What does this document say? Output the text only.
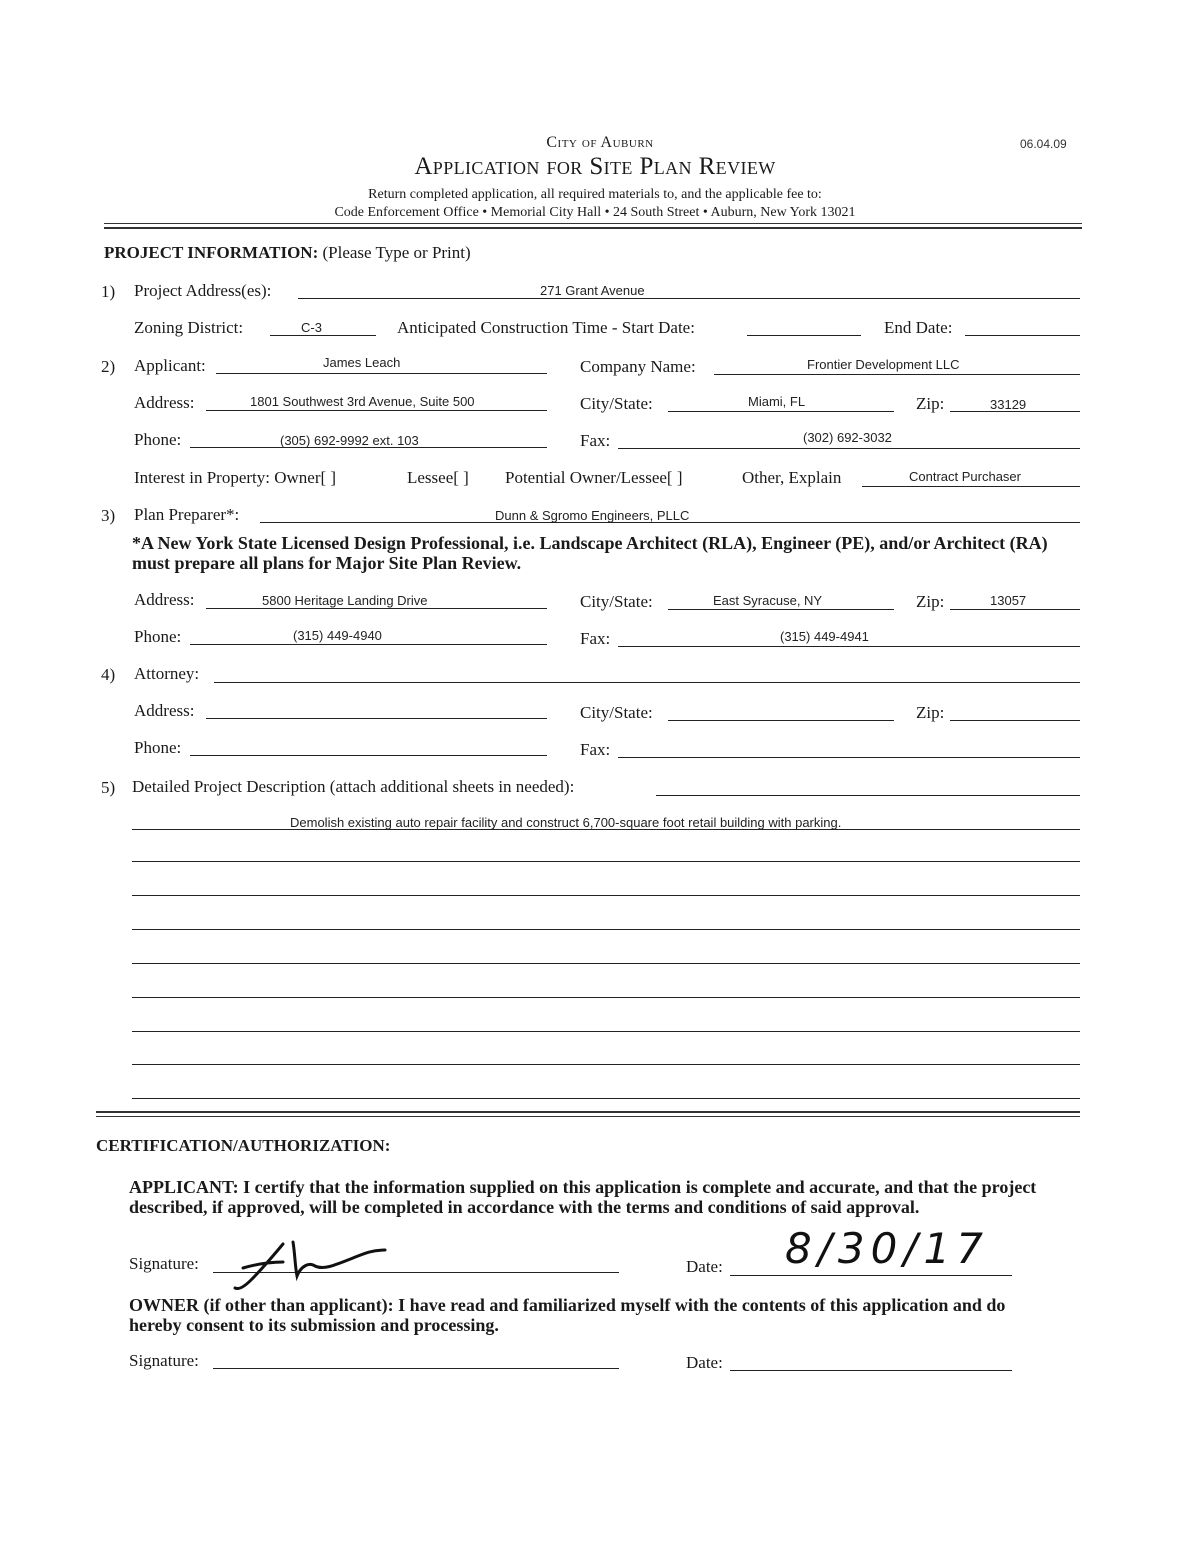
City of Auburn	06.04.09
Application for Site Plan Review
Return completed application, all required materials to, and the applicable fee to:
Code Enforcement Office • Memorial City Hall • 24 South Street • Auburn, New York 13021
PROJECT INFORMATION: (Please Type or Print)
1) Project Address(es):	271 Grant Avenue
Zoning District:	C-3	Anticipated Construction Time - Start Date:	End Date:
2) Applicant:	James Leach	Company Name:	Frontier Development LLC
Address:	1801 Southwest 3rd Avenue, Suite 500	City/State:	Miami, FL	Zip:	33129
Phone:	(305) 692-9992 ext. 103	Fax:	(302) 692-3032
Interest in Property: Owner[ ]	Lessee[ ] Potential Owner/Lessee[ ]	Other, Explain	Contract Purchaser
3) Plan Preparer*:	Dunn & Sgromo Engineers, PLLC
*A New York State Licensed Design Professional, i.e. Landscape Architect (RLA), Engineer (PE), and/or Architect (RA) must prepare all plans for Major Site Plan Review.
Address:	5800 Heritage Landing Drive	City/State:	East Syracuse, NY	Zip:	13057
Phone:	(315) 449-4940	Fax:	(315) 449-4941
4) Attorney:
Address:	City/State:	Zip:
Phone:	Fax:
5) Detailed Project Description (attach additional sheets in needed):
Demolish existing auto repair facility and construct 6,700-square foot retail building with parking.
CERTIFICATION/AUTHORIZATION:
APPLICANT: I certify that the information supplied on this application is complete and accurate, and that the project described, if approved, will be completed in accordance with the terms and conditions of said approval.
Signature:	Date: 8/30/17
OWNER (if other than applicant): I have read and familiarized myself with the contents of this application and do hereby consent to its submission and processing.
Signature:	Date:
